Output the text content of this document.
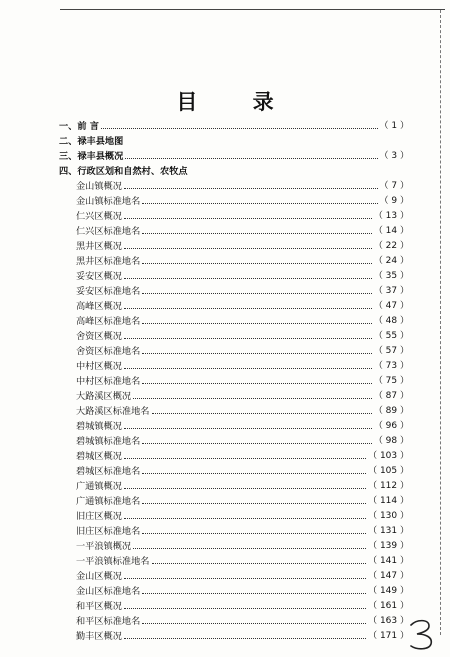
目 录
一、前 言	（ 1 ）
二、禄丰县地图
三、禄丰县概况	（ 3 ）
四、行政区划和自然村、农牧点
金山镇概况	（ 7 ）
金山镇标准地名	（ 9 ）
仁兴区概况	（ 13 ）
仁兴区标准地名	（ 14 ）
黑井区概况	（ 22 ）
黑井区标准地名	（ 24 ）
妥安区概况	（ 35 ）
妥安区标准地名	（ 37 ）
高峰区概况	（ 47 ）
高峰区标准地名	（ 48 ）
舍资区概况	（ 55 ）
舍资区标准地名	（ 57 ）
中村区概况	（ 73 ）
中村区标准地名	（ 75 ）
大路溪区概况	（ 87 ）
大路溪区标准地名	（ 89 ）
碧城镇概况	（ 96 ）
碧城镇标准地名	（ 98 ）
碧城区概况	（ 103 ）
碧城区标准地名	（ 105 ）
广通镇概况	（ 112 ）
广通镇标准地名	（ 114 ）
旧庄区概况	（ 130 ）
旧庄区标准地名	（ 131 ）
一平浪镇概况	（ 139 ）
一平浪镇标准地名	（ 141 ）
金山区概况	（ 147 ）
金山区标准地名	（ 149 ）
和平区概况	（ 161 ）
和平区标准地名	（ 163 ）
勤丰区概况	（ 171 ）
